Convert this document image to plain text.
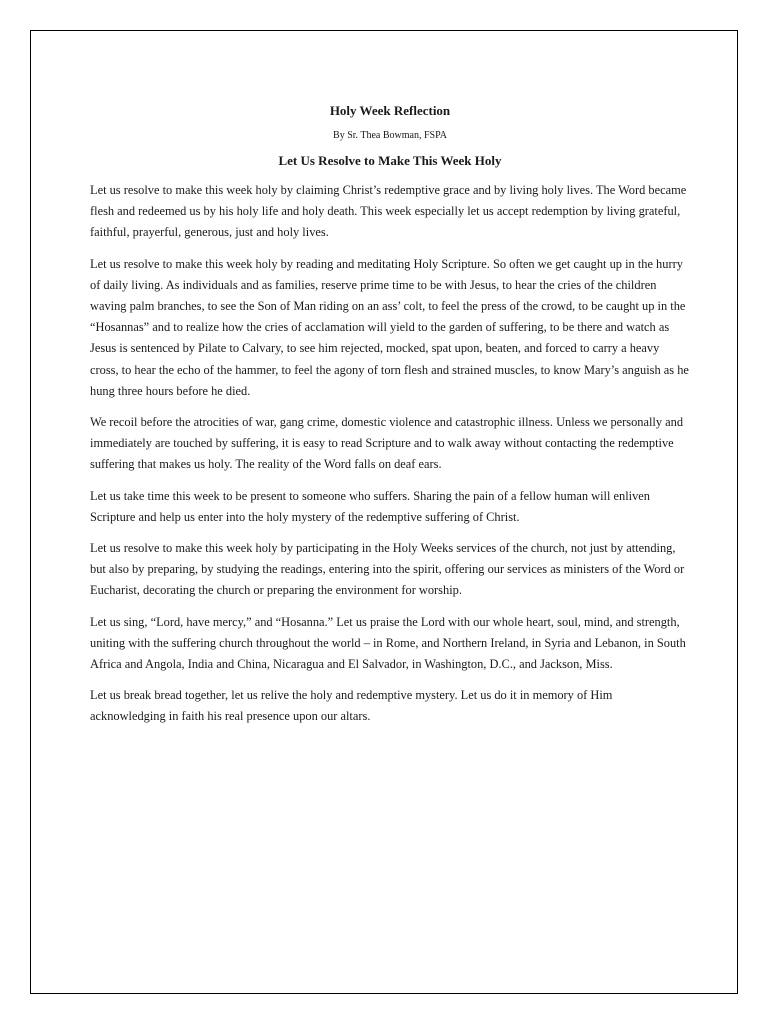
Holy Week Reflection
By Sr. Thea Bowman, FSPA
Let Us Resolve to Make This Week Holy

Let us resolve to make this week holy by claiming Christ’s redemptive grace and by living holy lives. The Word became flesh and redeemed us by his holy life and holy death. This week especially let us accept redemption by living grateful, faithful, prayerful, generous, just and holy lives.

Let us resolve to make this week holy by reading and meditating Holy Scripture. So often we get caught up in the hurry of daily living. As individuals and as families, reserve prime time to be with Jesus, to hear the cries of the children waving palm branches, to see the Son of Man riding on an ass’ colt, to feel the press of the crowd, to be caught up in the “Hosannas” and to realize how the cries of acclamation will yield to the garden of suffering, to be there and watch as Jesus is sentenced by Pilate to Calvary, to see him rejected, mocked, spat upon, beaten, and forced to carry a heavy cross, to hear the echo of the hammer, to feel the agony of torn flesh and strained muscles, to know Mary’s anguish as he hung three hours before he died.

We recoil before the atrocities of war, gang crime, domestic violence and catastrophic illness. Unless we personally and immediately are touched by suffering, it is easy to read Scripture and to walk away without contacting the redemptive suffering that makes us holy. The reality of the Word falls on deaf ears.

Let us take time this week to be present to someone who suffers. Sharing the pain of a fellow human will enliven Scripture and help us enter into the holy mystery of the redemptive suffering of Christ.

Let us resolve to make this week holy by participating in the Holy Weeks services of the church, not just by attending, but also by preparing, by studying the readings, entering into the spirit, offering our services as ministers of the Word or Eucharist, decorating the church or preparing the environment for worship.

Let us sing, “Lord, have mercy,” and “Hosanna.” Let us praise the Lord with our whole heart, soul, mind, and strength, uniting with the suffering church throughout the world – in Rome, and Northern Ireland, in Syria and Lebanon, in South Africa and Angola, India and China, Nicaragua and El Salvador, in Washington, D.C., and Jackson, Miss.

Let us break bread together, let us relive the holy and redemptive mystery. Let us do it in memory of Him acknowledging in faith his real presence upon our altars.
